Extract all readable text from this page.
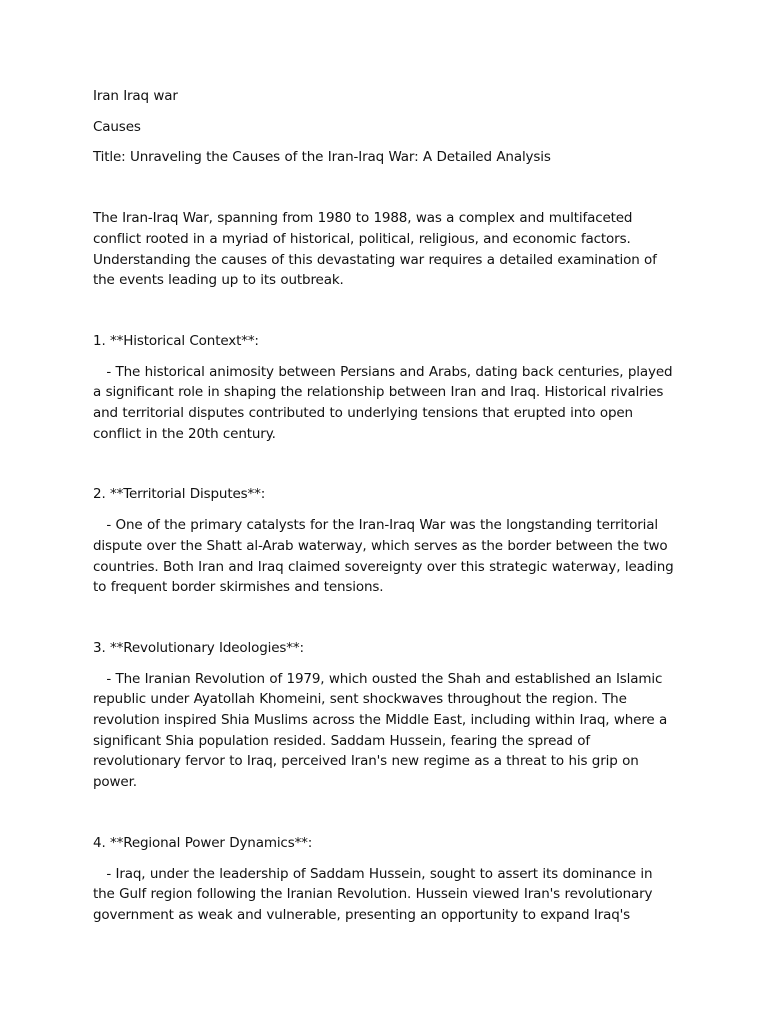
Iran Iraq war

Causes

Title: Unraveling the Causes of the Iran-Iraq War: A Detailed Analysis

The Iran-Iraq War, spanning from 1980 to 1988, was a complex and multifaceted conflict rooted in a myriad of historical, political, religious, and economic factors. Understanding the causes of this devastating war requires a detailed examination of the events leading up to its outbreak.

1. **Historical Context**:

- The historical animosity between Persians and Arabs, dating back centuries, played a significant role in shaping the relationship between Iran and Iraq. Historical rivalries and territorial disputes contributed to underlying tensions that erupted into open conflict in the 20th century.

2. **Territorial Disputes**:

- One of the primary catalysts for the Iran-Iraq War was the longstanding territorial dispute over the Shatt al-Arab waterway, which serves as the border between the two countries. Both Iran and Iraq claimed sovereignty over this strategic waterway, leading to frequent border skirmishes and tensions.

3. **Revolutionary Ideologies**:

- The Iranian Revolution of 1979, which ousted the Shah and established an Islamic republic under Ayatollah Khomeini, sent shockwaves throughout the region. The revolution inspired Shia Muslims across the Middle East, including within Iraq, where a significant Shia population resided. Saddam Hussein, fearing the spread of revolutionary fervor to Iraq, perceived Iran's new regime as a threat to his grip on power.

4. **Regional Power Dynamics**:

- Iraq, under the leadership of Saddam Hussein, sought to assert its dominance in the Gulf region following the Iranian Revolution. Hussein viewed Iran's revolutionary government as weak and vulnerable, presenting an opportunity to expand Iraq's
